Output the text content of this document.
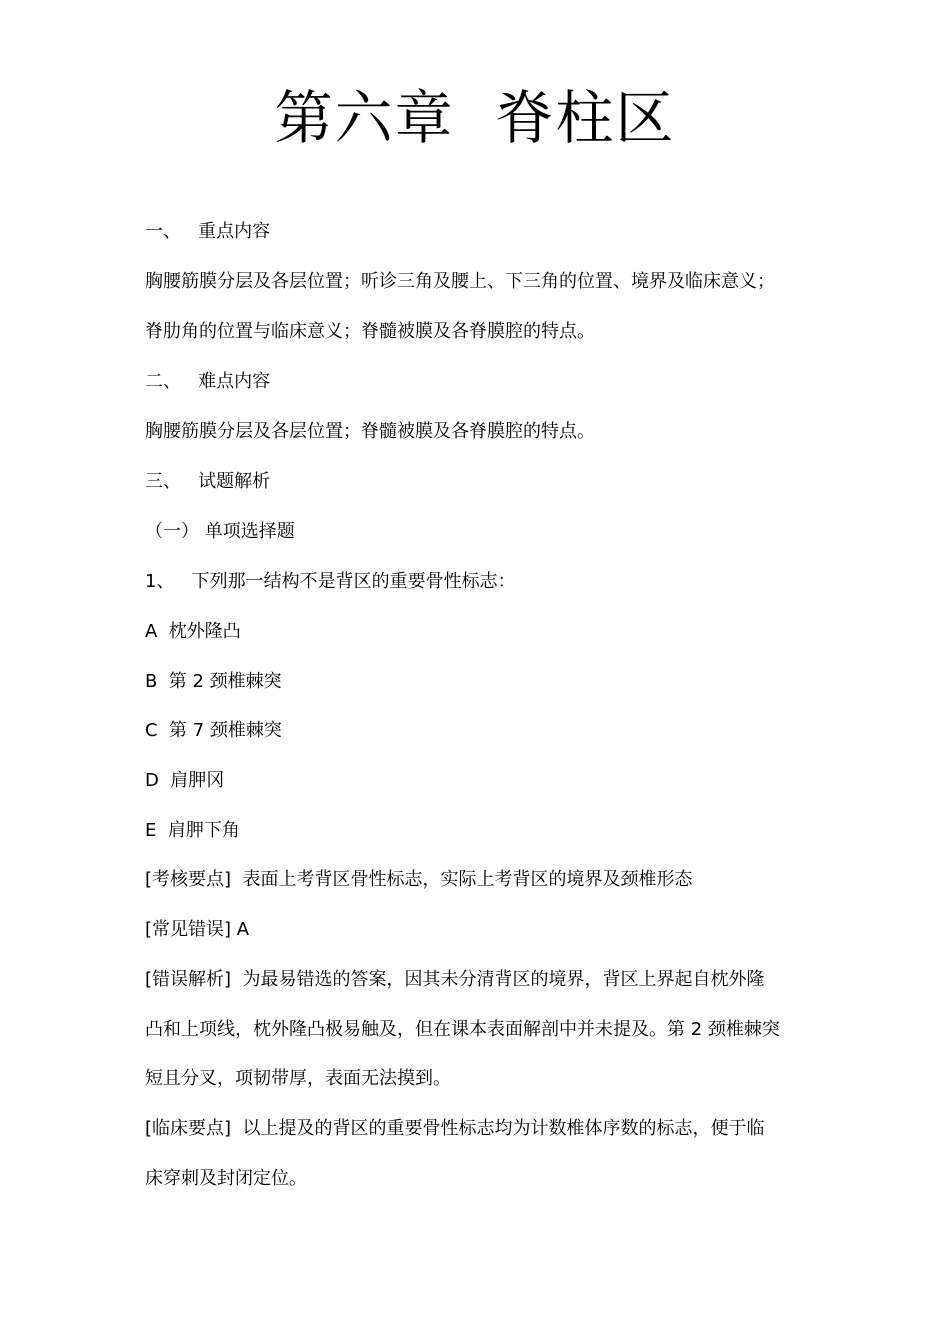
第六章  脊柱区
一、   重点内容
胸腰筋膜分层及各层位置；听诊三角及腰上、下三角的位置、境界及临床意义；
脊肋角的位置与临床意义；脊髓被膜及各脊膜腔的特点。
二、   难点内容
胸腰筋膜分层及各层位置；脊髓被膜及各脊膜腔的特点。
三、   试题解析
（一） 单项选择题
1、   下列那一结构不是背区的重要骨性标志：
A  枕外隆凸
B  第 2 颈椎棘突
C  第 7 颈椎棘突
D  肩胛冈
E  肩胛下角
[考核要点]  表面上考背区骨性标志，实际上考背区的境界及颈椎形态
[常见错误] A
[错误解析]  为最易错选的答案，因其未分清背区的境界，背区上界起自枕外隆
凸和上项线，枕外隆凸极易触及，但在课本表面解剖中并未提及。第 2 颈椎棘突
短且分叉，项韧带厚，表面无法摸到。
[临床要点]  以上提及的背区的重要骨性标志均为计数椎体序数的标志，便于临
床穿刺及封闭定位。
